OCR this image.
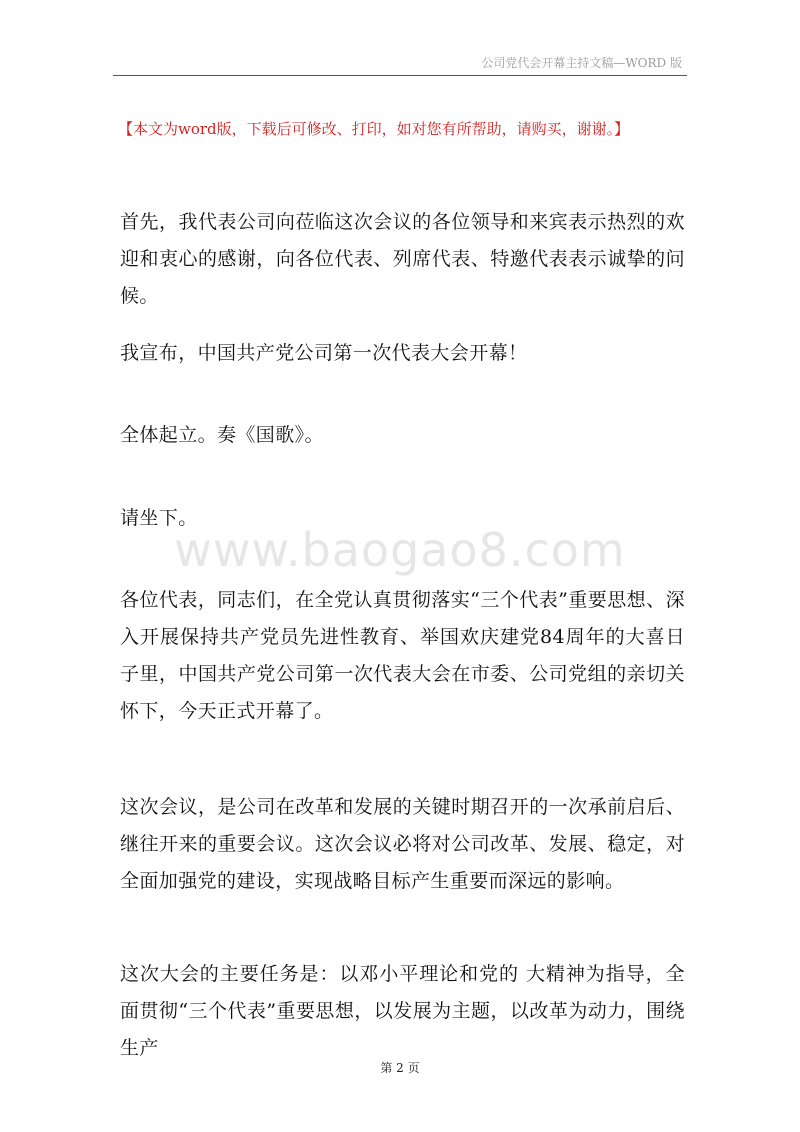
公司党代会开幕主持文稿—WORD 版
【本文为word版，下载后可修改、打印，如对您有所帮助，请购买，谢谢。】
首先，我代表公司向莅临这次会议的各位领导和来宾表示热烈的欢迎和衷心的感谢，向各位代表、列席代表、特邀代表表示诚挚的问候。
我宣布，中国共产党公司第一次代表大会开幕！
全体起立。奏《国歌》。
请坐下。
各位代表，同志们，在全党认真贯彻落实“三个代表”重要思想、深入开展保持共产党员先进性教育、举国欢庆建党84周年的大喜日子里，中国共产党公司第一次代表大会在市委、公司党组的亲切关怀下，今天正式开幕了。
这次会议，是公司在改革和发展的关键时期召开的一次承前启后、继往开来的重要会议。这次会议必将对公司改革、发展、稳定，对全面加强党的建设，实现战略目标产生重要而深远的影响。
这次大会的主要任务是：以邓小平理论和党的 大精神为指导，全面贯彻“三个代表”重要思想，以发展为主题，以改革为动力，围绕生产
www.baogao8.com
第 2 页
